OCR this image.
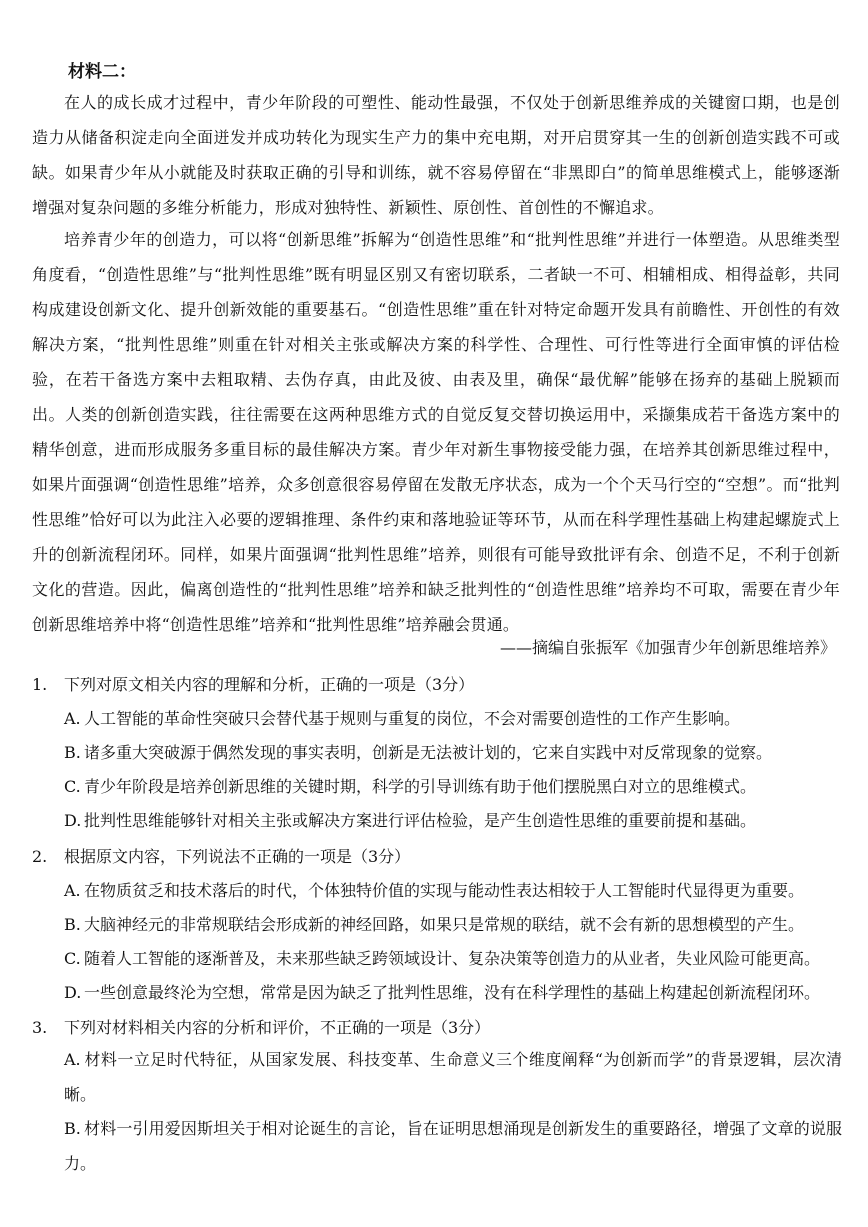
材料二：

在人的成长成才过程中，青少年阶段的可塑性、能动性最强，不仅处于创新思维养成的关键窗口期，也是创造力从储备积淀走向全面迸发并成功转化为现实生产力的集中充电期，对开启贯穿其一生的创新创造实践不可或缺。如果青少年从小就能及时获取正确的引导和训练，就不容易停留在“非黑即白”的简单思维模式上，能够逐渐增强对复杂问题的多维分析能力，形成对独特性、新颖性、原创性、首创性的不懈追求。

培养青少年的创造力，可以将“创新思维”拆解为“创造性思维”和“批判性思维”并进行一体塑造。从思维类型角度看，“创造性思维”与“批判性思维”既有明显区别又有密切联系，二者缺一不可、相辅相成、相得益彰，共同构成建设创新文化、提升创新效能的重要基石。“创造性思维”重在针对特定命题开发具有前瞻性、开创性的有效解决方案，“批判性思维”则重在针对相关主张或解决方案的科学性、合理性、可行性等进行全面审慎的评估检验，在若干备选方案中去粗取精、去伪存真，由此及彼、由表及里，确保“最优解”能够在扬弃的基础上脱颖而出。人类的创新创造实践，往往需要在这两种思维方式的自觉反复交替切换运用中，采撷集成若干备选方案中的精华创意，进而形成服务多重目标的最佳解决方案。青少年对新生事物接受能力强，在培养其创新思维过程中，如果片面强调“创造性思维”培养，众多创意很容易停留在发散无序状态，成为一个个天马行空的“空想”。而“批判性思维”恰好可以为此注入必要的逻辑推理、条件约束和落地验证等环节，从而在科学理性基础上构建起螺旋式上升的创新流程闭环。同样，如果片面强调“批判性思维”培养，则很有可能导致批评有余、创造不足，不利于创新文化的营造。因此，偏离创造性的“批判性思维”培养和缺乏批判性的“创造性思维”培养均不可取，需要在青少年创新思维培养中将“创造性思维”培养和“批判性思维”培养融会贯通。

——摘编自张振军《加强青少年创新思维培养》
1. 下列对原文相关内容的理解和分析，正确的一项是（3分）

A. 人工智能的革命性突破只会替代基于规则与重复的岗位，不会对需要创造性的工作产生影响。

B. 诸多重大突破源于偶然发现的事实表明，创新是无法被计划的，它来自实践中对反常现象的觉察。

C. 青少年阶段是培养创新思维的关键时期，科学的引导训练有助于他们摆脱黑白对立的思维模式。

D. 批判性思维能够针对相关主张或解决方案进行评估检验，是产生创造性思维的重要前提和基础。

2. 根据原文内容，下列说法不正确的一项是（3分）

A. 在物质贫乏和技术落后的时代，个体独特价值的实现与能动性表达相较于人工智能时代显得更为重要。

B. 大脑神经元的非常规联结会形成新的神经回路，如果只是常规的联结，就不会有新的思想模型的产生。

C. 随着人工智能的逐渐普及，未来那些缺乏跨领域设计、复杂决策等创造力的从业者，失业风险可能更高。

D. 一些创意最终沦为空想，常常是因为缺乏了批判性思维，没有在科学理性的基础上构建起创新流程闭环。

3. 下列对材料相关内容的分析和评价，不正确的一项是（3分）

A. 材料一立足时代特征，从国家发展、科技变革、生命意义三个维度阐释“为创新而学”的背景逻辑，层次清晰。

B. 材料一引用爱因斯坦关于相对论诞生的言论，旨在证明思想涌现是创新发生的重要路径，增强了文章的说服力。
